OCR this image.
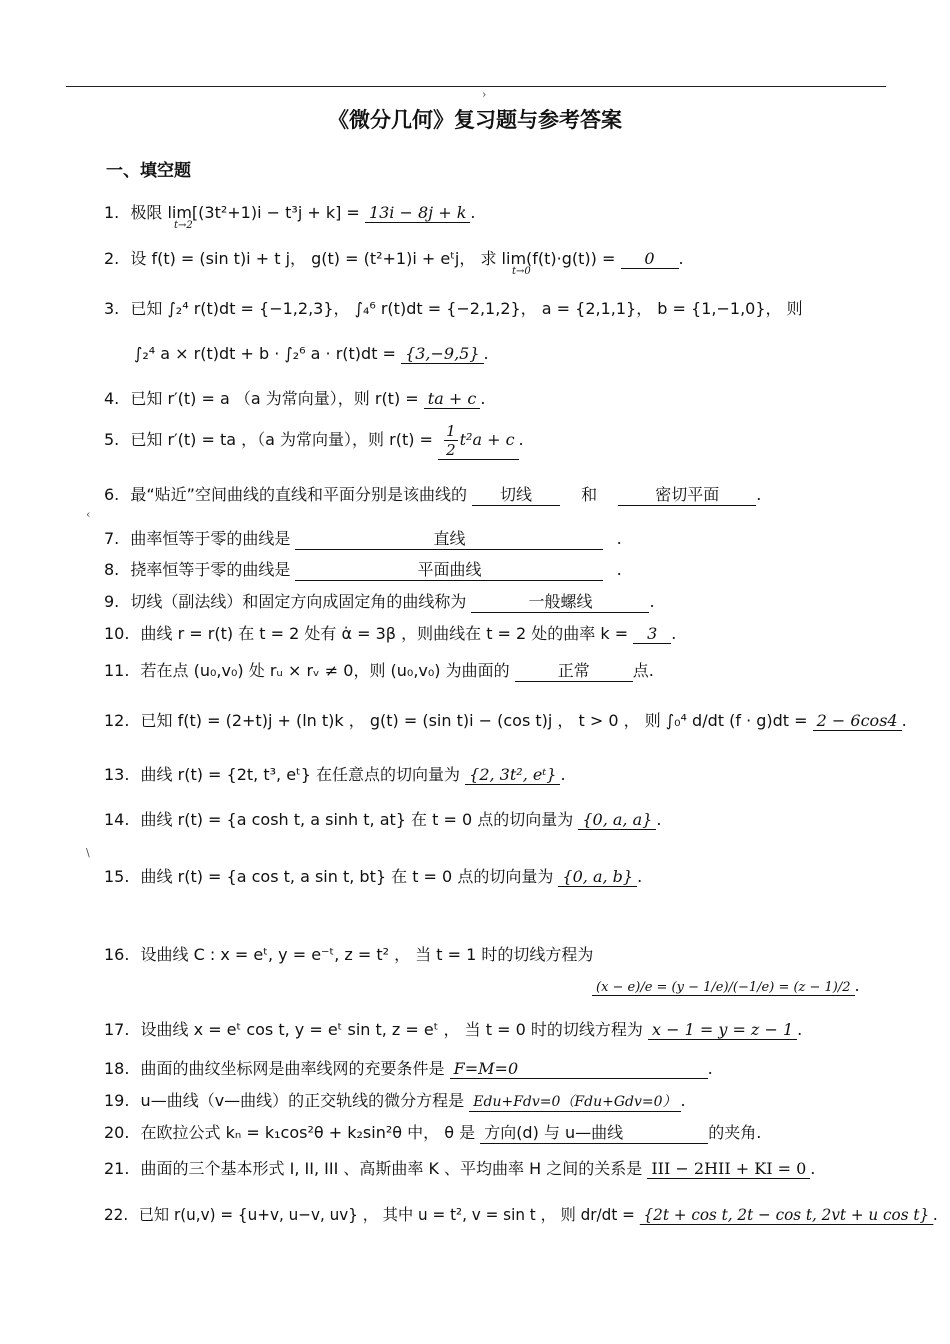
›
‹
\
《微分几何》复习题与参考答案
一、填空题
1. 极限 lim[(3t²+1)i − t³j + k] = 13i − 8j + k .
t→2
2. 设 f(t) = (sin t)i + t j， g(t) = (t²+1)i + eᵗj， 求 lim(f(t)·g(t)) = 0 .
t→0
3. 已知 ∫₂⁴ r(t)dt = {−1,2,3}， ∫₄⁶ r(t)dt = {−2,1,2}， a = {2,1,1}， b = {1,−1,0}， 则
∫₂⁴ a × r(t)dt + b · ∫₂⁶ a · r(t)dt = {3,−9,5} .
4. 已知 r′(t) = a （a 为常向量），则 r(t) = ta + c .
5. 已知 r′(t) = ta ，（a 为常向量），则 $r(t) = \frac{1}{2} t^2a + c$ .
6. 最“贴近”空间曲线的直线和平面分别是该曲线的 切线	和	密切平面 .
7. 曲率恒等于零的曲线是	直线	.
8. 挠率恒等于零的曲线是	平面曲线	.
9. 切线（副法线）和固定方向成固定角的曲线称为	一般螺线	.
10. 曲线 r = r(t) 在 t = 2 处有 α̇ = 3β ，则曲线在 t = 2 处的曲率 k = 3 .
11. 若在点 (u₀,v₀) 处 rᵤ × rᵥ ≠ 0，则 (u₀,v₀) 为曲面的	正常	点.
12. 已知 f(t) = (2+t)j + (ln t)k ， g(t) = (sin t)i − (cos t)j ， t > 0 ， 则 ∫₀⁴ d/dt (f · g)dt = 2 − 6cos4 .
13. 曲线 r(t) = {2t, t³, eᵗ} 在任意点的切向量为 {2, 3t², eᵗ} .
14. 曲线 r(t) = {a cosh t, a sinh t, at} 在 t = 0 点的切向量为 {0, a, a} .
15. 曲线 r(t) = {a cos t, a sin t, bt} 在 t = 0 点的切向量为 {0, a, b} .
16. 设曲线 C : x = eᵗ, y = e⁻ᵗ, z = t² ， 当 t = 1 时的切线方程为
(x − e)/e = (y − 1/e)/(−1/e) = (z − 1)/2 .
17. 设曲线 x = eᵗ cos t, y = eᵗ sin t, z = eᵗ ， 当 t = 0 时的切线方程为 x − 1 = y = z − 1 .
18. 曲面的曲纹坐标网是曲率线网的充要条件是 F=M=0	.
19. u—曲线（v—曲线）的正交轨线的微分方程是 Edu+Fdv=0（Fdu+Gdv=0） .
20. 在欧拉公式 kₙ = k₁cos²θ + k₂sin²θ 中， θ 是 方向(d) 与 u—曲线	的夹角.
21. 曲面的三个基本形式 I, II, III 、高斯曲率 K 、平均曲率 H 之间的关系是 III − 2HII + KI = 0 .
22. 已知 r(u,v) = {u+v, u−v, uv} ， 其中 u = t², v = sin t ， 则 dr/dt = {2t + cos t, 2t − cos t, 2vt + u cos t} .
